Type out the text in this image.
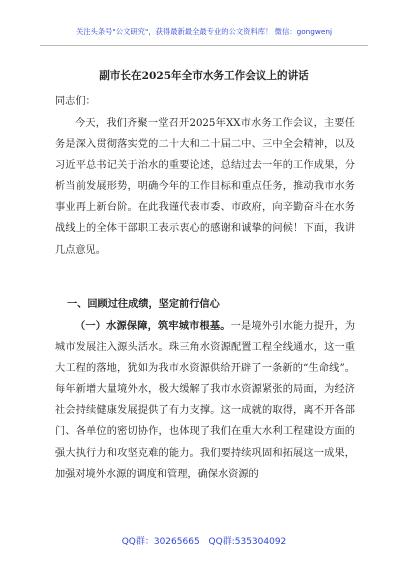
关注头条号"公文研究"，获得最新最全最专业的公文资料库！ 微信：gongwenj
副市长在2025年全市水务工作会议上的讲话
同志们：

今天，我们齐聚一堂召开2025年XX市水务工作会议，主要任务是深入贯彻落实党的二十大和二十届二中、三中全会精神，以及习近平总书记关于治水的重要论述，总结过去一年的工作成果，分析当前发展形势，明确今年的工作目标和重点任务，推动我市水务事业再上新台阶。在此我谨代表市委、市政府，向辛勤奋斗在水务战线上的全体干部职工表示衷心的感谢和诚挚的问候！下面，我讲几点意见。

一、回顾过往成绩，坚定前行信心

（一）水源保障，筑牢城市根基。一是境外引水能力提升，为城市发展注入源头活水。珠三角水资源配置工程全线通水，这一重大工程的落地，犹如为我市水资源供给开辟了一条新的“生命线”。每年新增大量境外水，极大缓解了我市水资源紧张的局面，为经济社会持续健康发展提供了有力支撑。这一成就的取得，离不开各部门、各单位的密切协作，也体现了我们在重大水利工程建设方面的强大执行力和攻坚克难的能力。我们要持续巩固和拓展这一成果，加强对境外水源的调度和管理，确保水资源的

QQ群：30265665 QQ群:535304092
